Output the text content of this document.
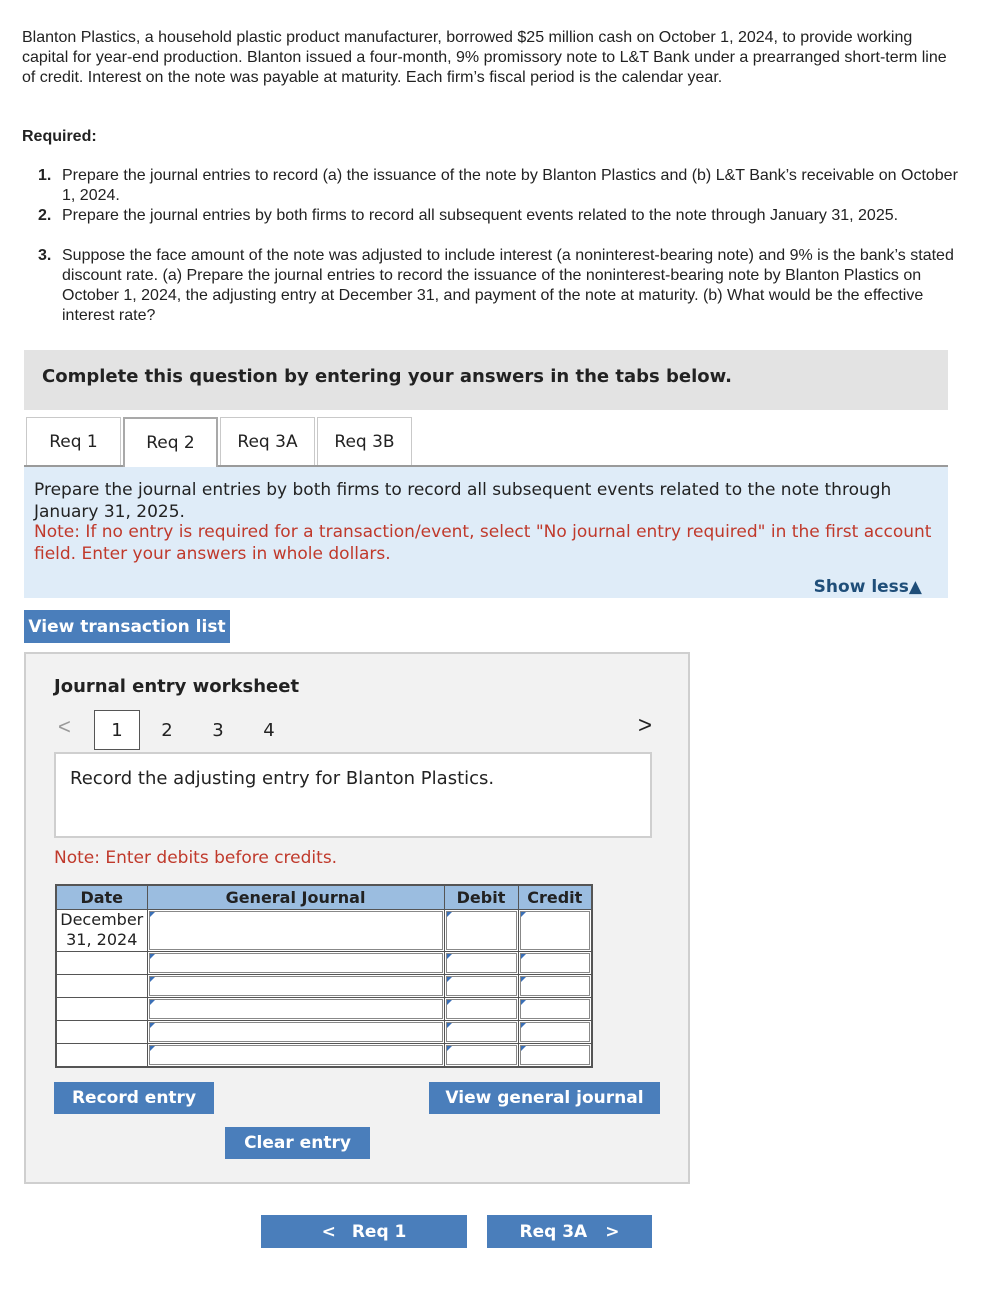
Blanton Plastics, a household plastic product manufacturer, borrowed $25 million cash on October 1, 2024, to provide working capital for year-end production. Blanton issued a four-month, 9% promissory note to L&T Bank under a prearranged short-term line of credit. Interest on the note was payable at maturity. Each firm’s fiscal period is the calendar year.
Required:
1. Prepare the journal entries to record (a) the issuance of the note by Blanton Plastics and (b) L&T Bank’s receivable on October 1, 2024.
2. Prepare the journal entries by both firms to record all subsequent events related to the note through January 31, 2025.
3. Suppose the face amount of the note was adjusted to include interest (a noninterest-bearing note) and 9% is the bank’s stated discount rate. (a) Prepare the journal entries to record the issuance of the noninterest-bearing note by Blanton Plastics on October 1, 2024, the adjusting entry at December 31, and payment of the note at maturity. (b) What would be the effective interest rate?
Complete this question by entering your answers in the tabs below.
Req 1	Req 2	Req 3A	Req 3B
Prepare the journal entries by both firms to record all subsequent events related to the note through January 31, 2025.
Note: If no entry is required for a transaction/event, select "No journal entry required" in the first account field. Enter your answers in whole dollars.
Show less▲
View transaction list
Journal entry worksheet
<	1	2	3	4	>
Record the adjusting entry for Blanton Plastics.
Note: Enter debits before credits.
Date	General Journal	Debit	Credit
December 31, 2024	

Record entry
Clear entry
View general journal
< Req 1	Req 3A >
